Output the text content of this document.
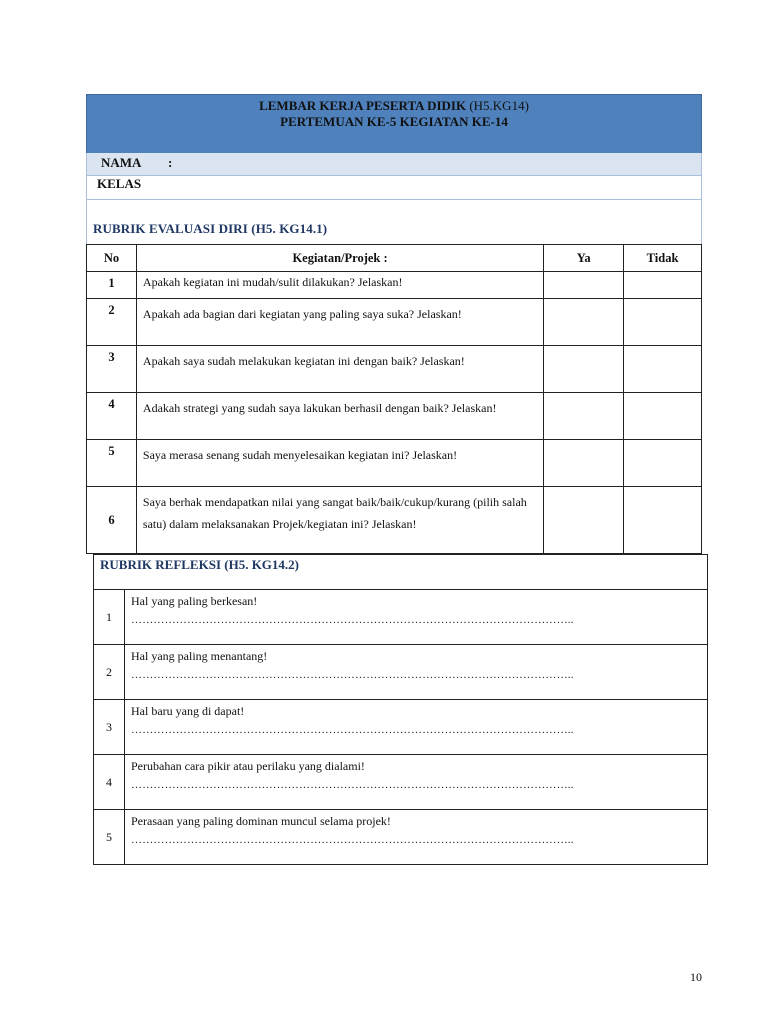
LEMBAR KERJA PESERTA DIDIK (H5.KG14)
PERTEMUAN KE-5 KEGIATAN KE-14
NAMA :
KELAS
RUBRIK EVALUASI DIRI (H5. KG14.1)
No	Kegiatan/Projek :	Ya	Tidak
1	Apakah kegiatan ini mudah/sulit dilakukan? Jelaskan!		
2	Apakah ada bagian dari kegiatan yang paling saya suka? Jelaskan!		
3	Apakah saya sudah melakukan kegiatan ini dengan baik? Jelaskan!		
4	Adakah strategi yang sudah saya lakukan berhasil dengan baik? Jelaskan!		
5	Saya merasa senang sudah menyelesaikan kegiatan ini? Jelaskan!		
6	Saya berhak mendapatkan nilai yang sangat baik/baik/cukup/kurang (pilih salah satu) dalam melaksanakan Projek/kegiatan ini? Jelaskan!		
RUBRIK REFLEKSI (H5. KG14.2)	
1	Hal yang paling berkesan!
………………………………………………………………………………………………………..

2	Hal yang paling menantang!
………………………………………………………………………………………………………..

3	Hal baru yang di dapat!
………………………………………………………………………………………………………..

4	Perubahan cara pikir atau perilaku yang dialami!
………………………………………………………………………………………………………..

5	Perasaan yang paling dominan muncul selama projek!
………………………………………………………………………………………………………..
10
